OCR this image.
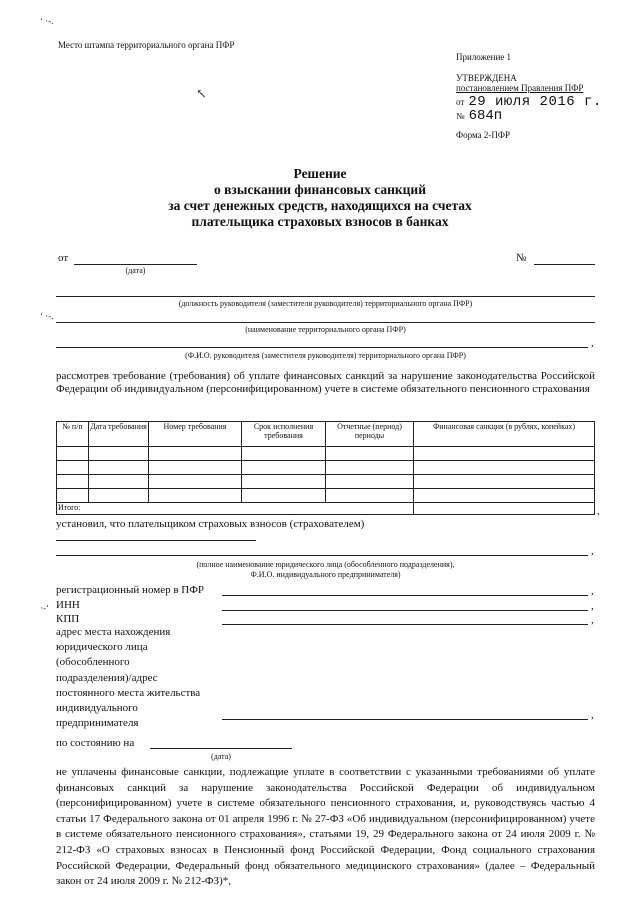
‘ ·-.
‘ ·-.
·-‘
↖
Место штампа территориального органа ПФР
Приложение 1
УТВЕРЖДЕНА
постановлением Правления ПФР
от 29 июля 2016 г.
№ 684п
Форма 2-ПФР
Решение
о взыскании финансовых санкций
за счет денежных средств, находящихся на счетах
плательщика страховых взносов в банках
от
(дата)
№
(должность руководителя (заместителя руководителя) территориального органа ПФР)
(наименование территориального органа ПФР)
,
(Ф.И.О. руководителя (заместителя руководителя) территориального органа ПФР)
рассмотрев требование (требования) об уплате финансовых санкций за нарушение законодательства Российской Федерации об индивидуальном (персонифицированном) учете в системе обязательного пенсионного страхования
№ п/п	Дата требования	Номер требования	Срок исполнения требования	Отчетные (период) периоды	Финансовая санкция (в рублях, копейках)

Итого:						,
установил, что плательщиком страховых взносов (страхователем)
,
(полное наименование юридического лица (обособленного подразделения),
Ф.И.О. индивидуального предпринимателя)
регистрационный номер в ПФР	,
ИНН	,
КПП	,
адрес места нахождения
юридического лица
(обособленного
подразделения)/адрес
постоянного места жительства
индивидуального
предпринимателя
,
по состоянию на
(дата)
не уплачены финансовые санкции, подлежащие уплате в соответствии с указанными требованиями об уплате финансовых санкций за нарушение законодательства Российской Федерации об индивидуальном (персонифицированном) учете в системе обязательного пенсионного страхования, и, руководствуясь частью 4 статьи 17 Федерального закона от 01 апреля 1996 г. № 27-ФЗ «Об индивидуальном (персонифицированном) учете в системе обязательного пенсионного страхования», статьями 19, 29 Федерального закона от 24 июля 2009 г. № 212-ФЗ «О страховых взносах в Пенсионный фонд Российской Федерации, Фонд социального страхования Российской Федерации, Федеральный фонд обязательного медицинского страхования» (далее – Федеральный закон от 24 июля 2009 г. № 212-ФЗ)*,
